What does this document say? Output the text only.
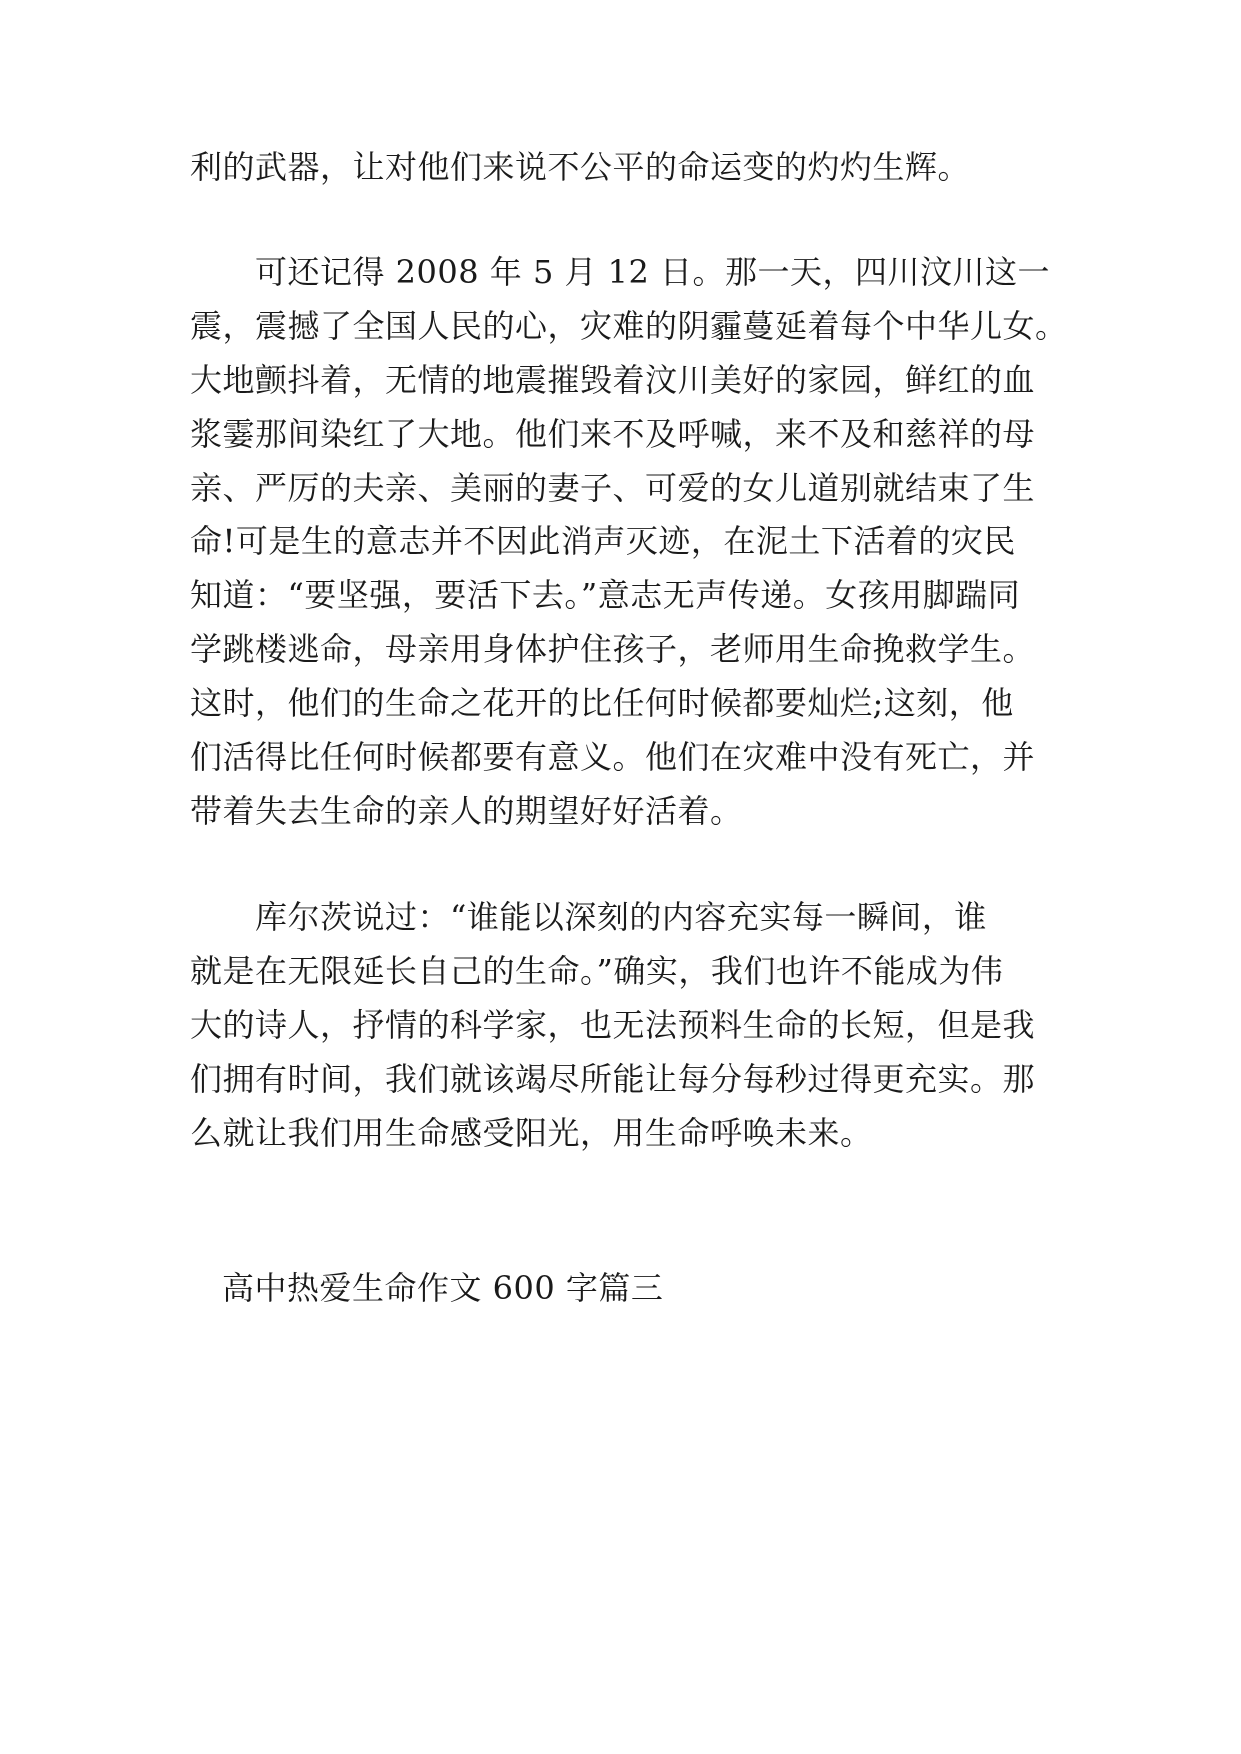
利的武器，让对他们来说不公平的命运变的灼灼生辉。
　　可还记得 2008 年 5 月 12 日。那一天，四川汶川这一
震，震撼了全国人民的心，灾难的阴霾蔓延着每个中华儿女。
大地颤抖着，无情的地震摧毁着汶川美好的家园，鲜红的血
浆霎那间染红了大地。他们来不及呼喊，来不及和慈祥的母
亲、严厉的夫亲、美丽的妻子、可爱的女儿道别就结束了生
命!可是生的意志并不因此消声灭迹，在泥土下活着的灾民
知道：“要坚强，要活下去。”意志无声传递。女孩用脚踹同
学跳楼逃命，母亲用身体护住孩子，老师用生命挽救学生。
这时，他们的生命之花开的比任何时候都要灿烂;这刻，他
们活得比任何时候都要有意义。他们在灾难中没有死亡，并
带着失去生命的亲人的期望好好活着。
　　库尔茨说过：“谁能以深刻的内容充实每一瞬间，谁
就是在无限延长自己的生命。”确实，我们也许不能成为伟
大的诗人，抒情的科学家，也无法预料生命的长短，但是我
们拥有时间，我们就该竭尽所能让每分每秒过得更充实。那
么就让我们用生命感受阳光，用生命呼唤未来。
高中热爱生命作文 600 字篇三
